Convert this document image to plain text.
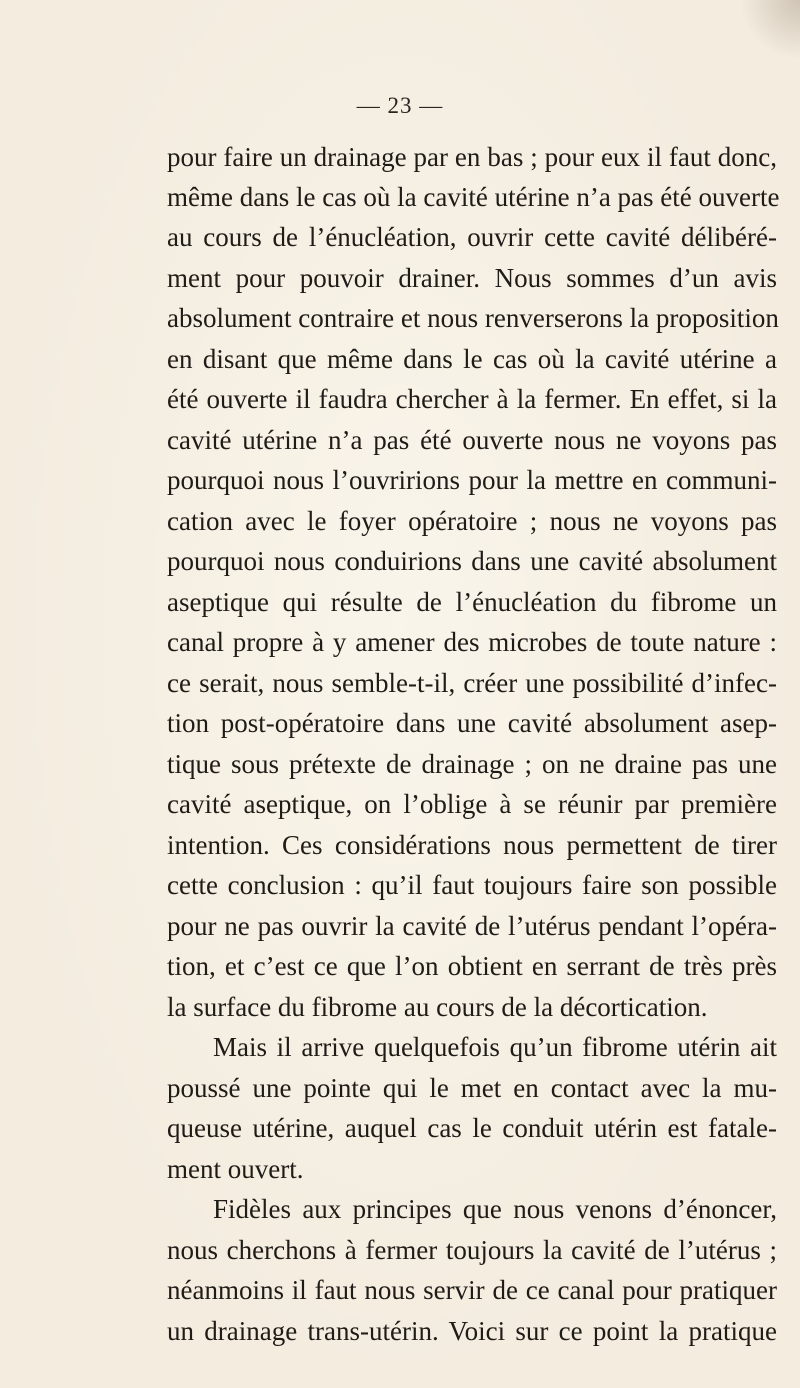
— 23 —
pour faire un drainage par en bas ; pour eux il faut donc,
même dans le cas où la cavité utérine n’a pas été ouverte
au cours de l’énucléation, ouvrir cette cavité délibéré-
ment pour pouvoir drainer. Nous sommes d’un avis
absolument contraire et nous renverserons la proposition
en disant que même dans le cas où la cavité utérine a
été ouverte il faudra chercher à la fermer. En effet, si la
cavité utérine n’a pas été ouverte nous ne voyons pas
pourquoi nous l’ouvririons pour la mettre en communi-
cation avec le foyer opératoire ; nous ne voyons pas
pourquoi nous conduirions dans une cavité absolument
aseptique qui résulte de l’énucléation du fibrome un
canal propre à y amener des microbes de toute nature :
ce serait, nous semble-t-il, créer une possibilité d’infec-
tion post-opératoire dans une cavité absolument asep-
tique sous prétexte de drainage ; on ne draine pas une
cavité aseptique, on l’oblige à se réunir par première
intention. Ces considérations nous permettent de tirer
cette conclusion : qu’il faut toujours faire son possible
pour ne pas ouvrir la cavité de l’utérus pendant l’opéra-
tion, et c’est ce que l’on obtient en serrant de très près
la surface du fibrome au cours de la décortication.
Mais il arrive quelquefois qu’un fibrome utérin ait
poussé une pointe qui le met en contact avec la mu-
queuse utérine, auquel cas le conduit utérin est fatale-
ment ouvert.
Fidèles aux principes que nous venons d’énoncer,
nous cherchons à fermer toujours la cavité de l’utérus ;
néanmoins il faut nous servir de ce canal pour pratiquer
un drainage trans-utérin. Voici sur ce point la pratique
